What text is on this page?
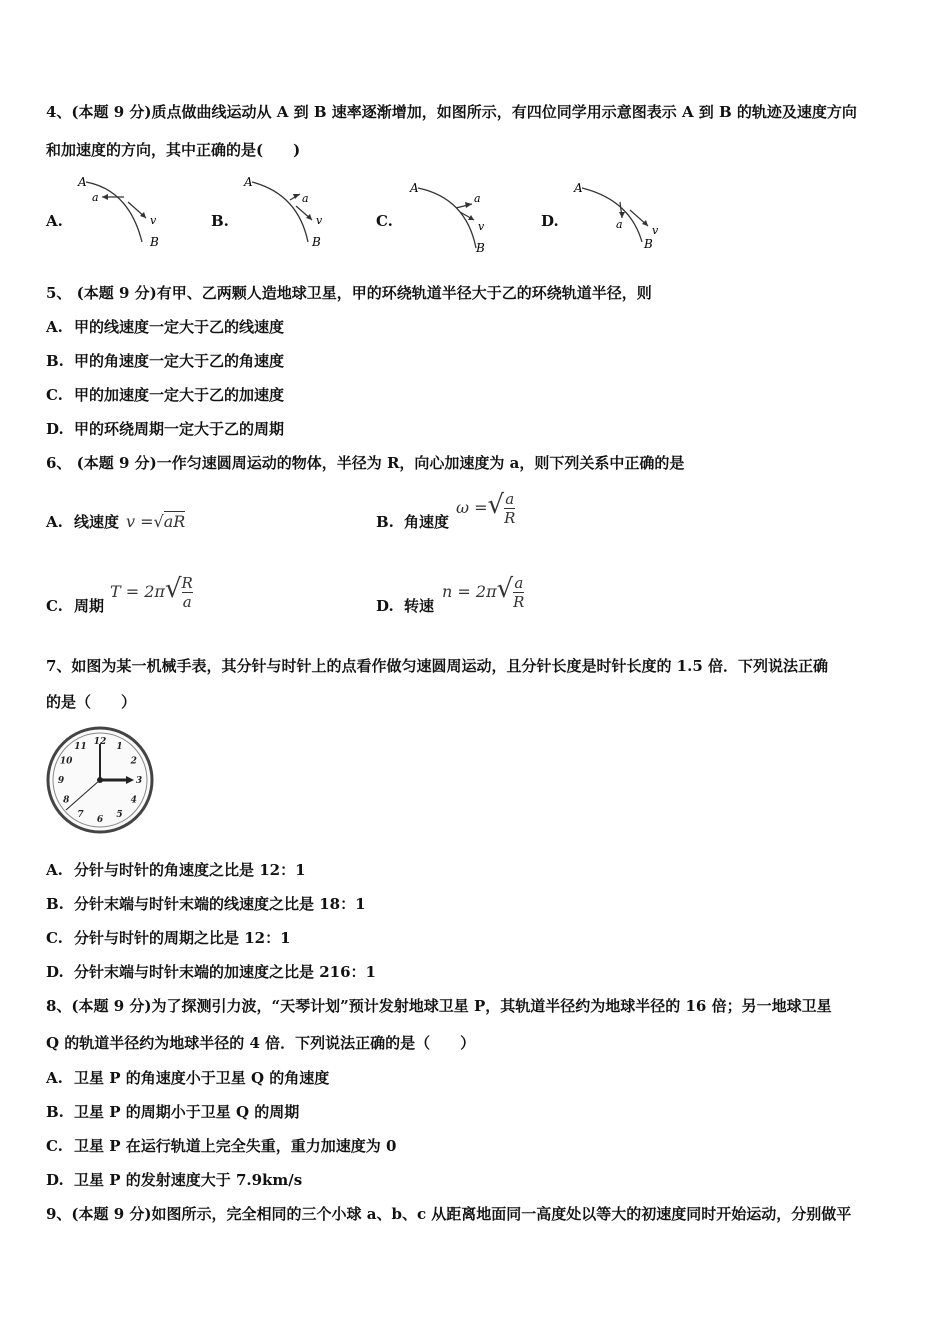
4、(本题 9 分)质点做曲线运动从 A 到 B 速率逐渐增加，如图所示，有四位同学用示意图表示 A 到 B 的轨迹及速度方向
和加速度的方向，其中正确的是(　　)
A.
A
a
v
B
B.
A
a
v
B
C.
A
a
v
B
D.
A
a	v
B
5、 (本题 9 分)有甲、乙两颗人造地球卫星，甲的环绕轨道半径大于乙的环绕轨道半径，则
A. 甲的线速度一定大于乙的线速度
B. 甲的角速度一定大于乙的角速度
C. 甲的加速度一定大于乙的加速度
D. 甲的环绕周期一定大于乙的周期
6、 (本题 9 分)一作匀速圆周运动的物体，半径为 R，向心加速度为 a，则下列关系中正确的是
A. 线速度 v =√aR	B. 角速度
ω =√ $\frac{a}{R}$
C. 周期
$T = 2\pi√ \frac{R}{a}$	D. 转速
$n = 2\pi√ \frac{a}{R}$
7、如图为某一机械手表，其分针与时针上的点看作做匀速圆周运动，且分针长度是时针长度的 1.5 倍．下列说法正确
的是（　　）
12
1
2
3
4
5
6
7
8
9
10
11
A. 分针与时针的角速度之比是 12：1
B. 分针末端与时针末端的线速度之比是 18：1
C. 分针与时针的周期之比是 12：1
D. 分针末端与时针末端的加速度之比是 216：1
8、(本题 9 分)为了探测引力波，“天琴计划”预计发射地球卫星 P，其轨道半径约为地球半径的 16 倍；另一地球卫星
Q 的轨道半径约为地球半径的 4 倍．下列说法正确的是（　　）
A. 卫星 P 的角速度小于卫星 Q 的角速度
B. 卫星 P 的周期小于卫星 Q 的周期
C. 卫星 P 在运行轨道上完全失重，重力加速度为 0
D. 卫星 P 的发射速度大于 7.9km/s
9、(本题 9 分)如图所示，完全相同的三个小球 a、b、c 从距离地面同一高度处以等大的初速度同时开始运动，分别做平
